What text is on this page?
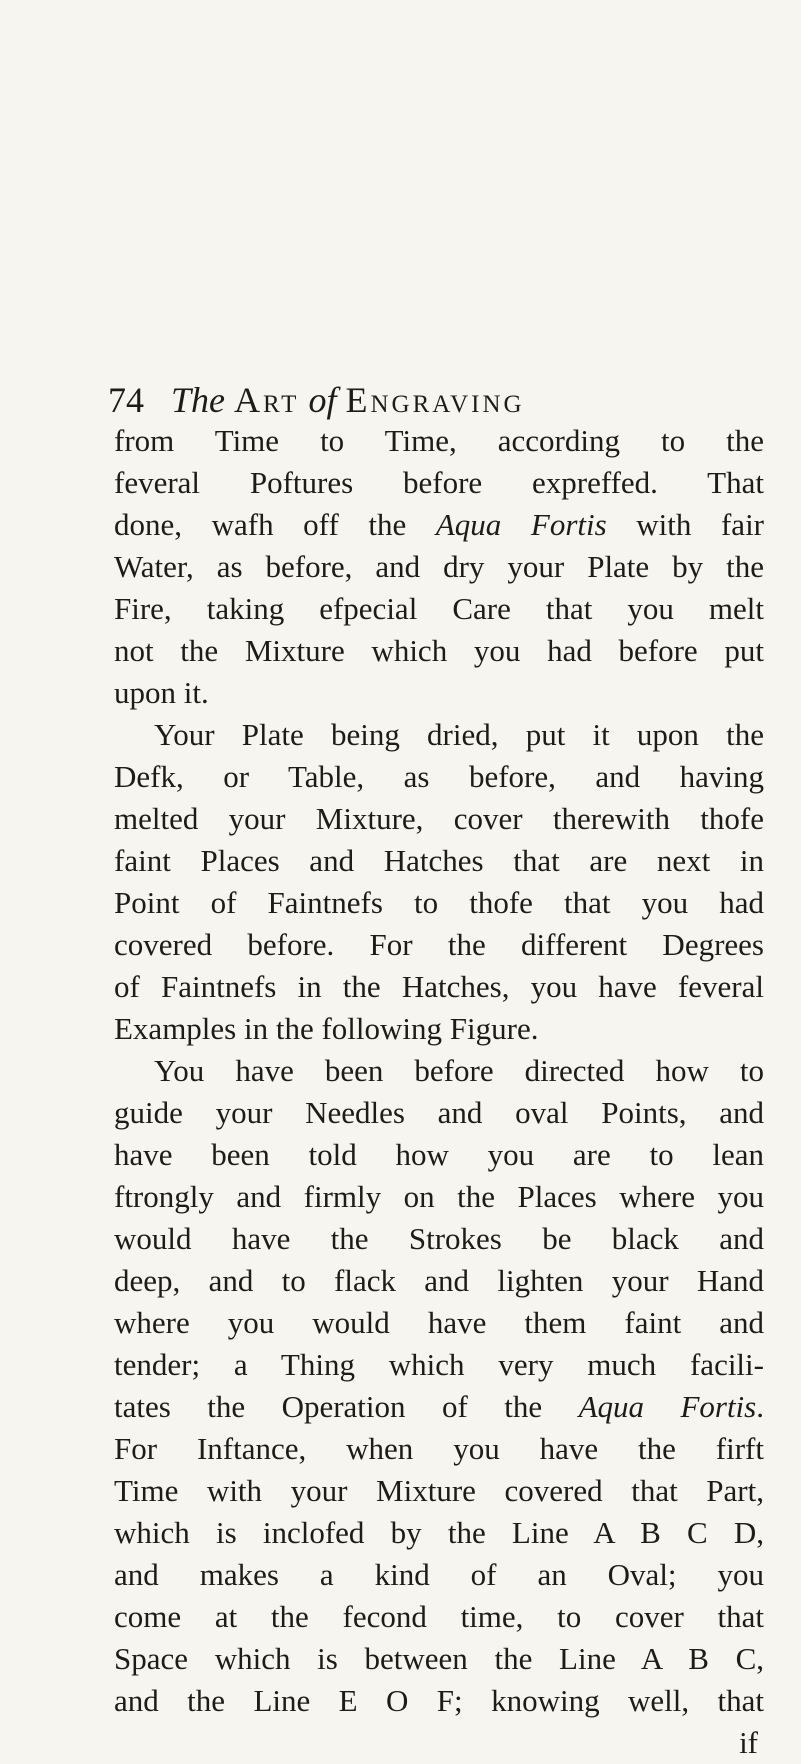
74 The Art of Engraving
from Time to Time, according to the
feveral Poftures before expreffed. That
done, wafh off the Aqua Fortis with fair
Water, as before, and dry your Plate by the
Fire, taking efpecial Care that you melt
not the Mixture which you had before put
upon it.
Your Plate being dried, put it upon the
Defk, or Table, as before, and having
melted your Mixture, cover therewith thofe
faint Places and Hatches that are next in
Point of Faintnefs to thofe that you had
covered before. For the different Degrees
of Faintnefs in the Hatches, you have feveral
Examples in the following Figure.
You have been before directed how to
guide your Needles and oval Points, and
have been told how you are to lean
ftrongly and firmly on the Places where you
would have the Strokes be black and
deep, and to flack and lighten your Hand
where you would have them faint and
tender; a Thing which very much facili-
tates the Operation of the Aqua Fortis.
For Inftance, when you have the firft
Time with your Mixture covered that Part,
which is inclofed by the Line A B C D,
and makes a kind of an Oval; you
come at the fecond time, to cover that
Space which is between the Line A B C,
and the Line E O F; knowing well, that
if
